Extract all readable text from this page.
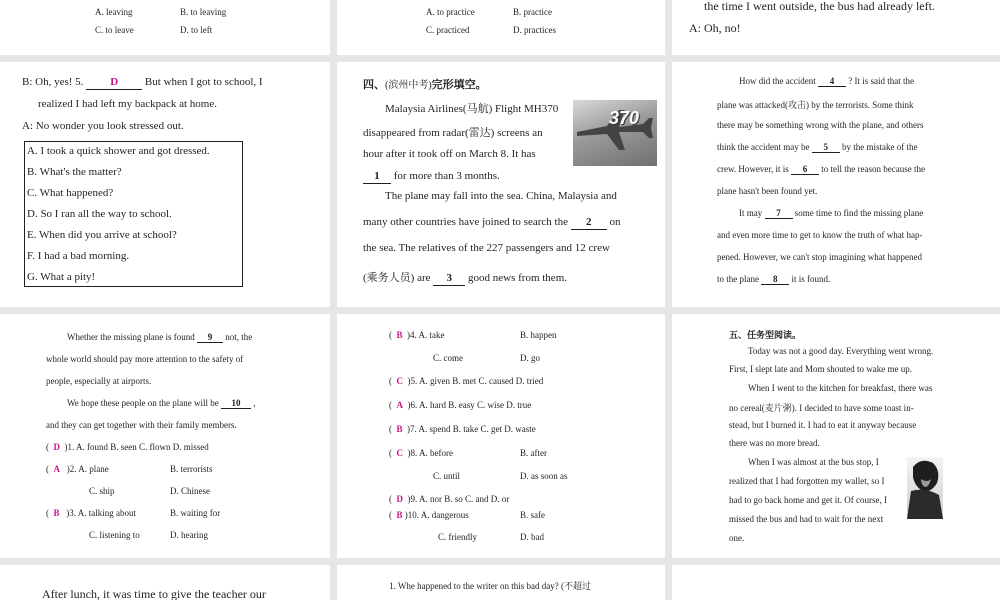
A. leaving	B. to leaving
C. to leave	D. to left
A. to practice	B. practice
C. practiced	D. practices
the time I went outside, the bus had already left.
A: Oh, no!
B: Oh, yes! 5. D But when I got to school, I
realized I had left my backpack at home.
A: No wonder you look stressed out.
A. I took a quick shower and got dressed.
B. What's the matter?
C. What happened?
D. So I ran all the way to school.
E. When did you arrive at school?
F. I had a bad morning.
G. What a pity!
四、(滨州中考)完形填空。
Malaysia Airlines(马航) Flight MH370
disappeared from radar(雷达) screens an
hour after it took off on March 8. It has
1 for more than 3 months.
The plane may fall into the sea. China, Malaysia and
many other countries have joined to search the 2 on
the sea. The relatives of the 227 passengers and 12 crew
(乘务人员) are 3 good news from them.
370
How did the accident 4 ? It is said that the
plane was attacked(攻击) by the terrorists. Some think
there may be something wrong with the plane, and others
think the accident may be 5 by the mistake of the
crew. However, it is 6 to tell the reason because the
plane hasn't been found yet.
It may 7 some time to find the missing plane
and even more time to get to know the truth of what hap-
pened. However, we can't stop imagining what happened
to the plane 8 it is found.
Whether the missing plane is found 9 not, the
whole world should pay more attention to the safety of
people, especially at airports.
We hope these people on the plane will be 10 ,
and they can get together with their family members.
(  D )1. A. found B. seen C. flown D. missed
(  A )2. A. plane	B. terrorists
C. ship	D. Chinese
(  B )3. A. talking about	B. waiting for
C. listening to	D. hearing
(  B )4. A. take	B. happen
C. come	D. go
(  C )5. A. given B. met C. caused D. tried
(  A )6. A. hard B. easy C. wise D. true
(  B )7. A. spend B. take C. get D. waste
(  C )8. A. before	B. after
C. until	D. as soon as
(  D )9. A. nor B. so C. and D. or
(  B )10. A. dangerous	B. safe
C. friendly	D. bad
五、任务型阅读。
Today was not a good day. Everything went wrong.
First, I slept late and Mom shouted to wake me up.
When I went to the kitchen for breakfast, there was
no cereal(麦片粥). I decided to have some toast in-
stead, but I burned it. I had to eat it anyway because
there was no more bread.
When I was almost at the bus stop, I
realized that I had forgotten my wallet, so I
had to go back home and get it. Of course, I
missed the bus and had to wait for the next
one.
After lunch, it was time to give the teacher our
1. Whe happened to the writer on this bad day? (不超过
